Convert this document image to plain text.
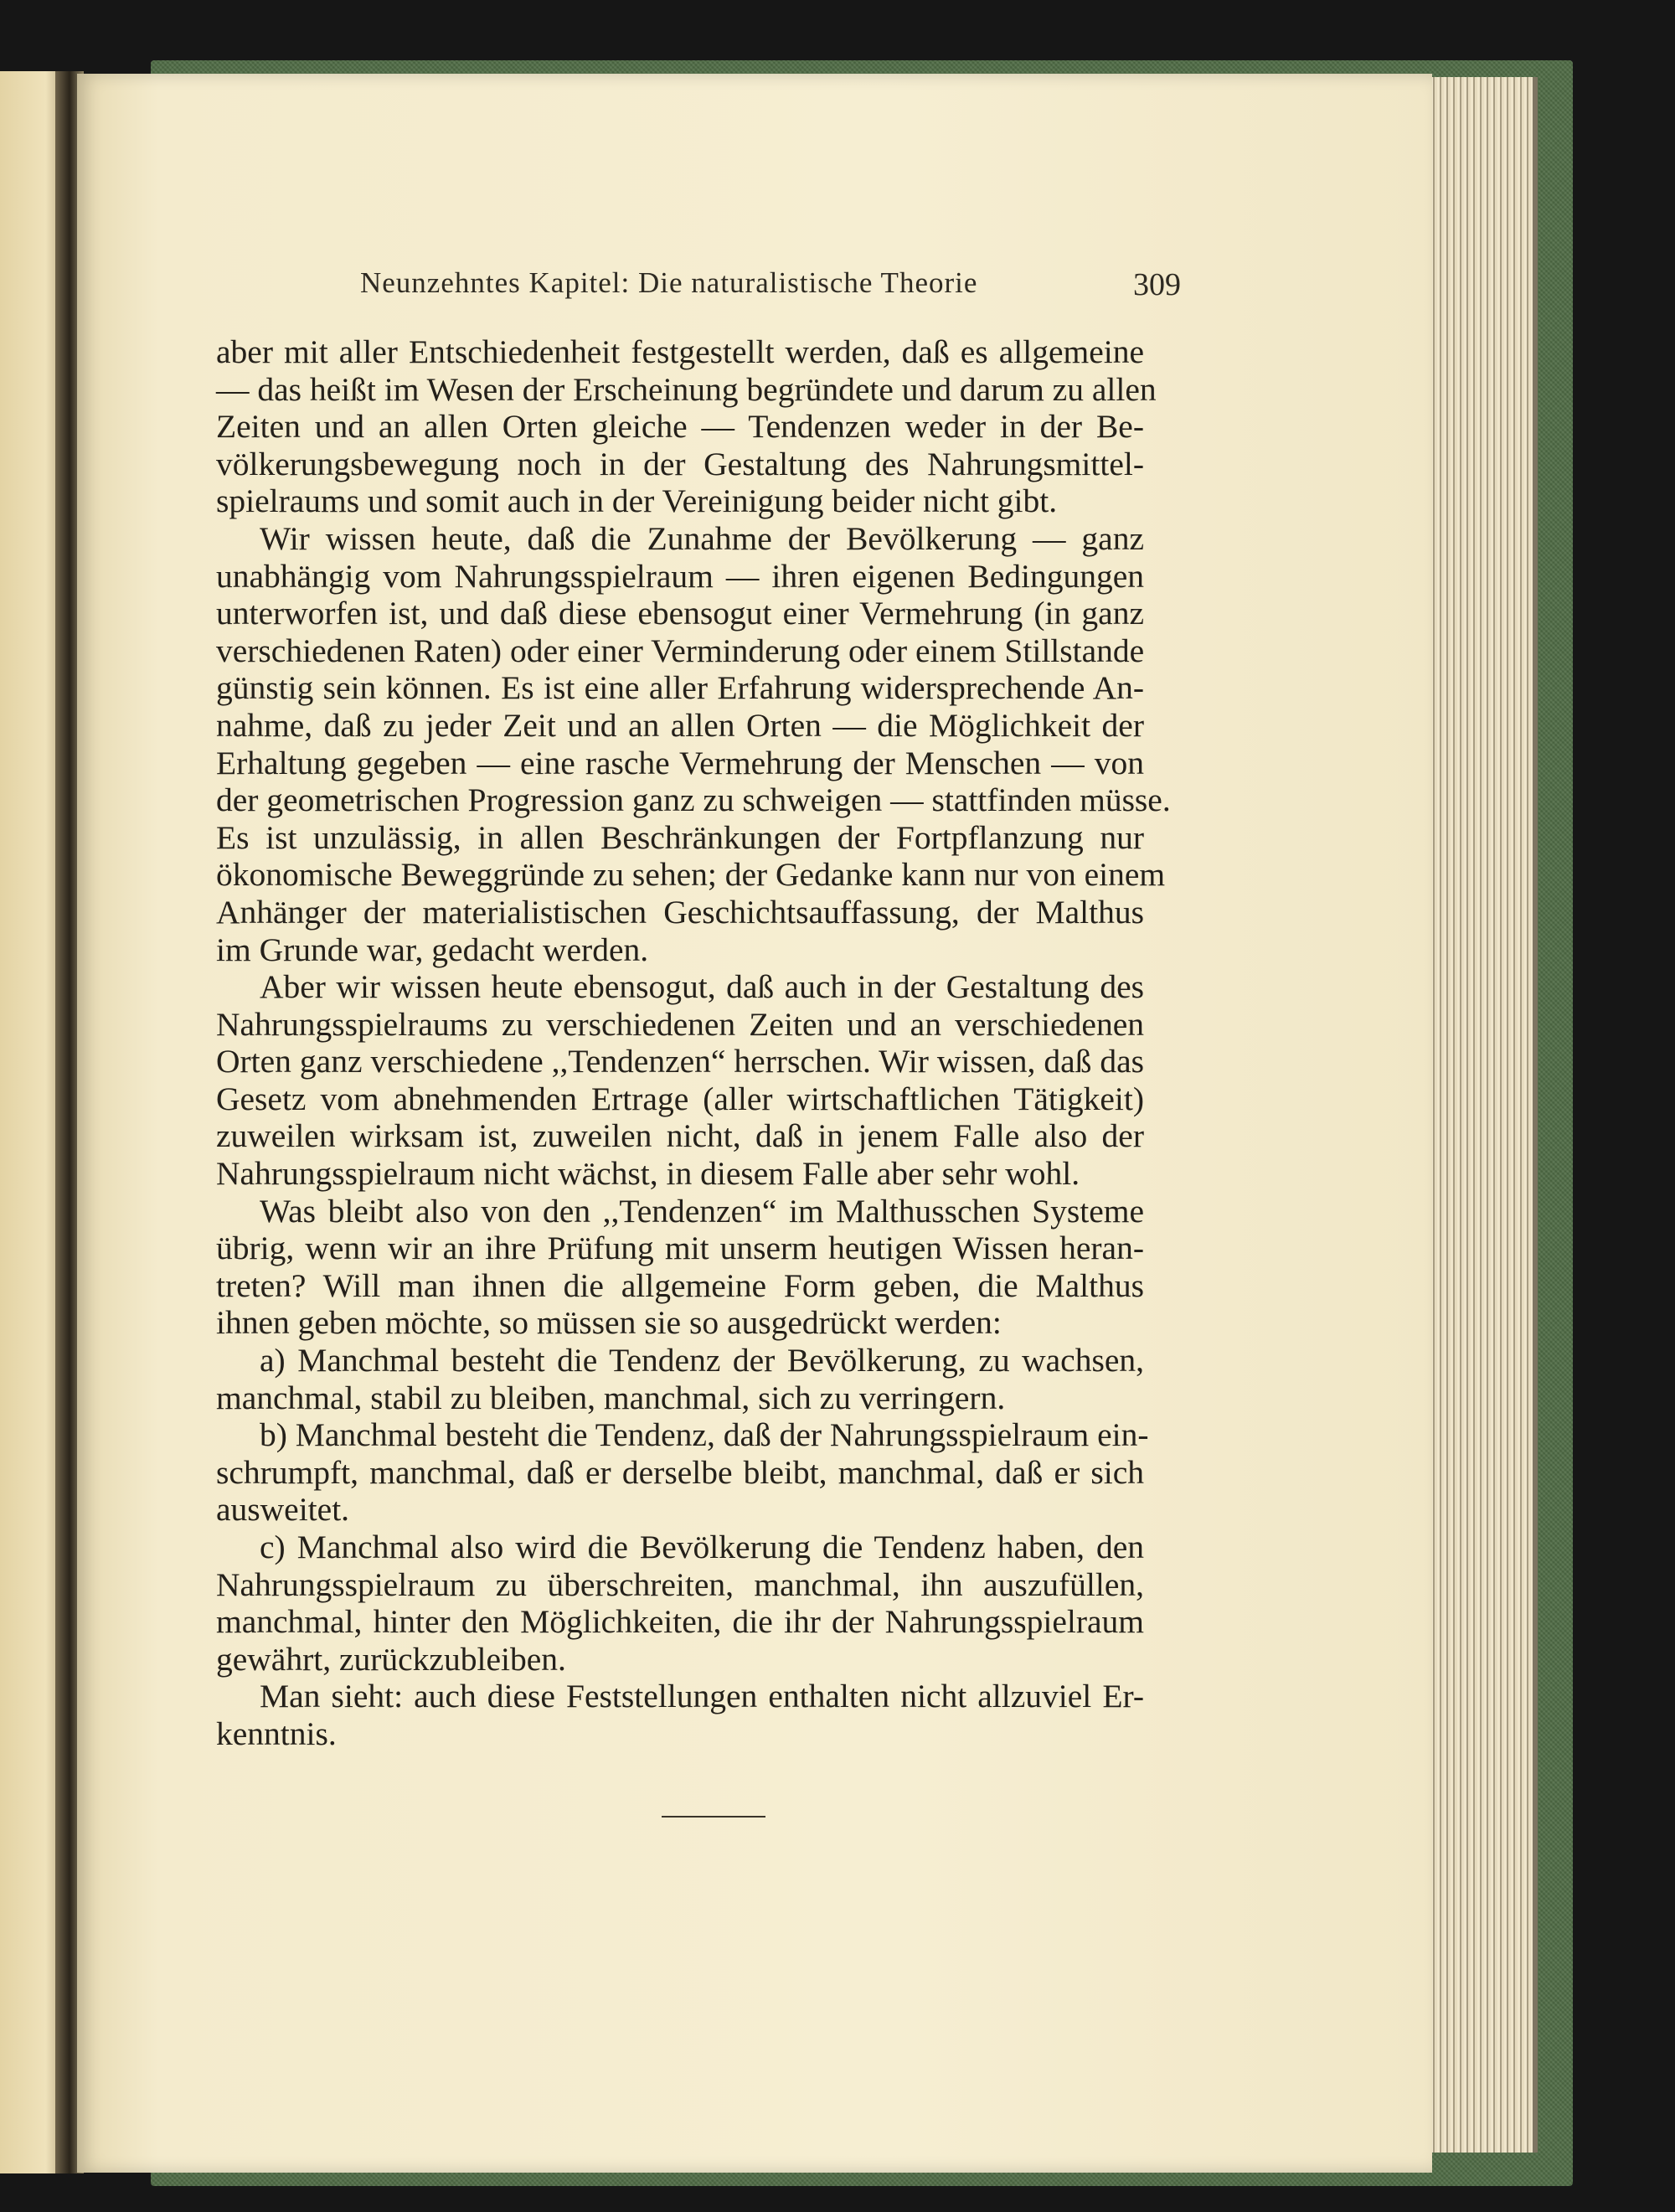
Neunzehntes Kapitel: Die naturalistische Theorie	309
aber mit aller Entschiedenheit festgestellt werden, daß es allgemeine
— das heißt im Wesen der Erscheinung begründete und darum zu allen
Zeiten und an allen Orten gleiche — Tendenzen weder in der Be-
völkerungsbewegung noch in der Gestaltung des Nahrungsmittel-
spielraums und somit auch in der Vereinigung beider nicht gibt.
Wir wissen heute, daß die Zunahme der Bevölkerung — ganz
unabhängig vom Nahrungsspielraum — ihren eigenen Bedingungen
unterworfen ist, und daß diese ebensogut einer Vermehrung (in ganz
verschiedenen Raten) oder einer Verminderung oder einem Stillstande
günstig sein können. Es ist eine aller Erfahrung widersprechende An-
nahme, daß zu jeder Zeit und an allen Orten — die Möglichkeit der
Erhaltung gegeben — eine rasche Vermehrung der Menschen — von
der geometrischen Progression ganz zu schweigen — stattfinden müsse.
Es ist unzulässig, in allen Beschränkungen der Fortpflanzung nur
ökonomische Beweggründe zu sehen; der Gedanke kann nur von einem
Anhänger der materialistischen Geschichtsauffassung, der Malthus
im Grunde war, gedacht werden.
Aber wir wissen heute ebensogut, daß auch in der Gestaltung des
Nahrungsspielraums zu verschiedenen Zeiten und an verschiedenen
Orten ganz verschiedene ,,Tendenzen“ herrschen. Wir wissen, daß das
Gesetz vom abnehmenden Ertrage (aller wirtschaftlichen Tätigkeit)
zuweilen wirksam ist, zuweilen nicht, daß in jenem Falle also der
Nahrungsspielraum nicht wächst, in diesem Falle aber sehr wohl.
Was bleibt also von den ,,Tendenzen“ im Malthusschen Systeme
übrig, wenn wir an ihre Prüfung mit unserm heutigen Wissen heran-
treten? Will man ihnen die allgemeine Form geben, die Malthus
ihnen geben möchte, so müssen sie so ausgedrückt werden:
a) Manchmal besteht die Tendenz der Bevölkerung, zu wachsen,
manchmal, stabil zu bleiben, manchmal, sich zu verringern.
b) Manchmal besteht die Tendenz, daß der Nahrungsspielraum ein-
schrumpft, manchmal, daß er derselbe bleibt, manchmal, daß er sich
ausweitet.
c) Manchmal also wird die Bevölkerung die Tendenz haben, den
Nahrungsspielraum zu überschreiten, manchmal, ihn auszufüllen,
manchmal, hinter den Möglichkeiten, die ihr der Nahrungsspielraum
gewährt, zurückzubleiben.
Man sieht: auch diese Feststellungen enthalten nicht allzuviel Er-
kenntnis.
